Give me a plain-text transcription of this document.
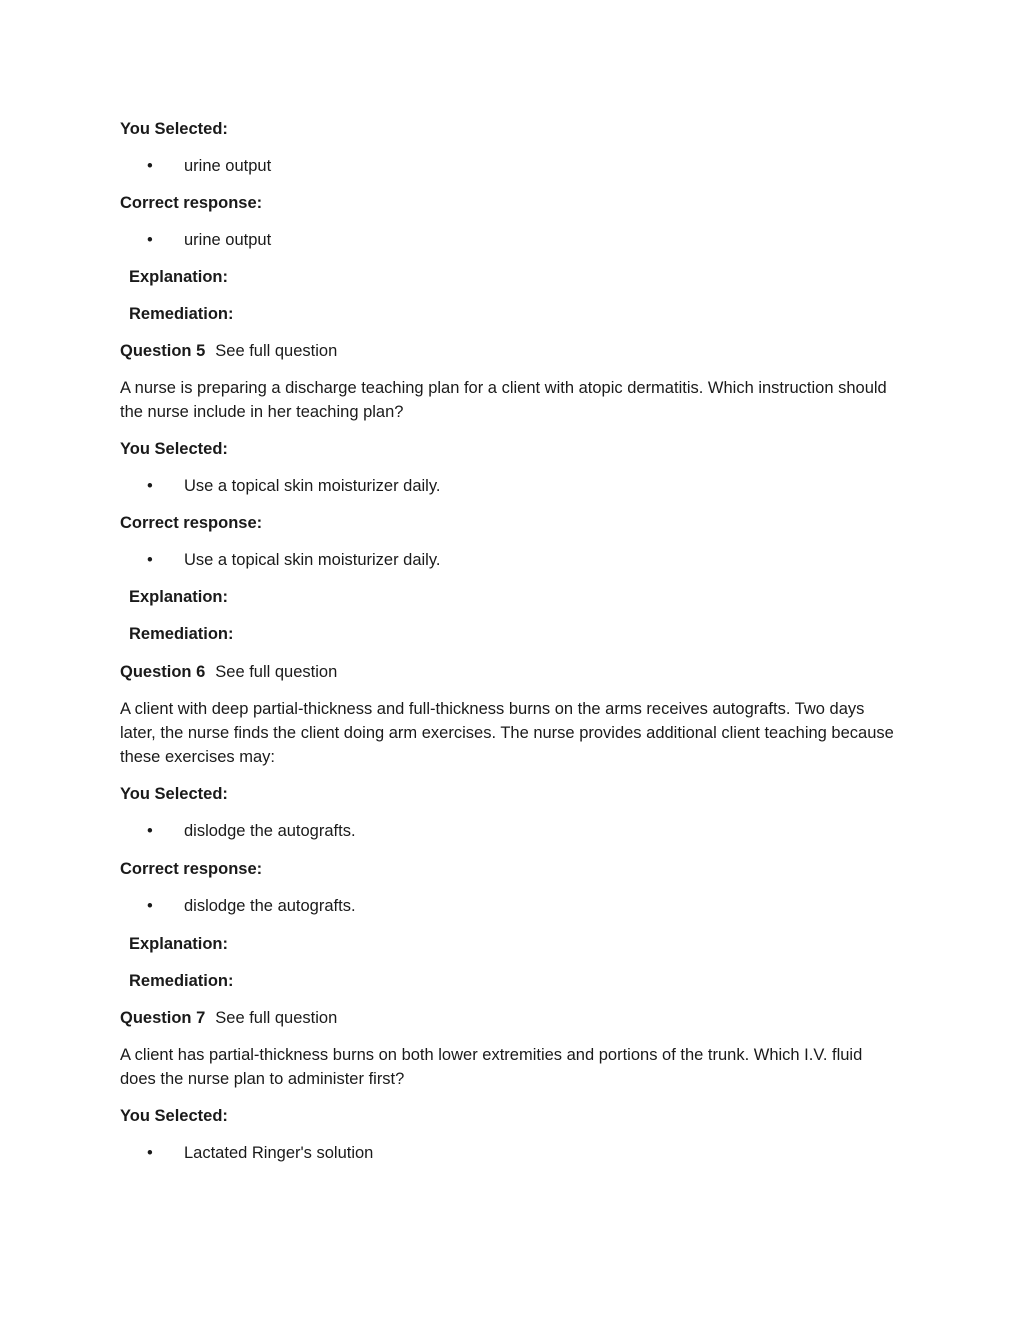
You Selected:

• urine output

Correct response:

• urine output

Explanation:

Remediation:

Question 5 See full question

A nurse is preparing a discharge teaching plan for a client with atopic dermatitis. Which instruction should the nurse include in her teaching plan?

You Selected:

• Use a topical skin moisturizer daily.

Correct response:

• Use a topical skin moisturizer daily.

Explanation:

Remediation:

Question 6 See full question

A client with deep partial-thickness and full-thickness burns on the arms receives autografts. Two days later, the nurse finds the client doing arm exercises. The nurse provides additional client teaching because these exercises may:

You Selected:

• dislodge the autografts.

Correct response:

• dislodge the autografts.

Explanation:

Remediation:

Question 7 See full question

A client has partial-thickness burns on both lower extremities and portions of the trunk. Which I.V. fluid does the nurse plan to administer first?

You Selected:

• Lactated Ringer's solution
